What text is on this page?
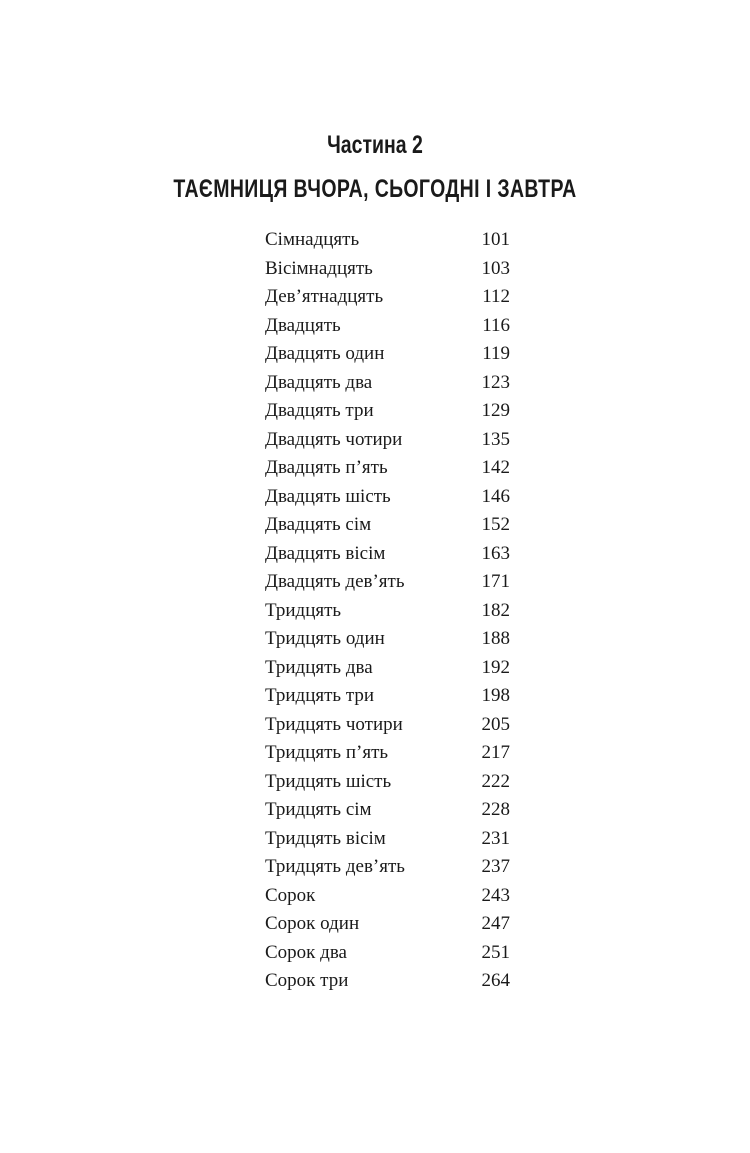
Частина 2
ТАЄМНИЦЯ ВЧОРА, СЬОГОДНІ І ЗАВТРА
Сімнадцять	101
Вісімнадцять	103
Дев’ятнадцять	112
Двадцять	116
Двадцять один	119
Двадцять два	123
Двадцять три	129
Двадцять чотири	135
Двадцять п’ять	142
Двадцять шість	146
Двадцять сім	152
Двадцять вісім	163
Двадцять дев’ять	171
Тридцять	182
Тридцять один	188
Тридцять два	192
Тридцять три	198
Тридцять чотири	205
Тридцять п’ять	217
Тридцять шість	222
Тридцять сім	228
Тридцять вісім	231
Тридцять дев’ять	237
Сорок	243
Сорок один	247
Сорок два	251
Сорок три	264
